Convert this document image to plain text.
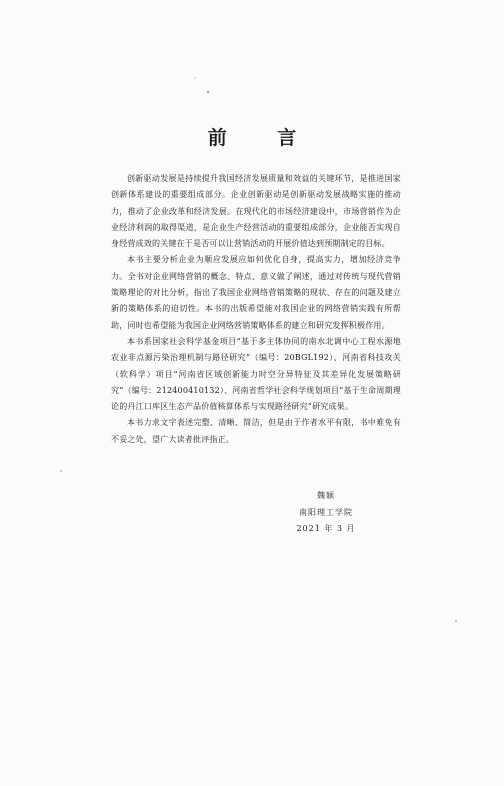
,
•
前 言

创新驱动发展是持续提升我国经济发展质量和效益的关键环节，是推进国家创新体系建设的重要组成部分。企业创新驱动是创新驱动发展战略实施的推动力，推动了企业改革和经济发展。在现代化的市场经济建设中，市场营销作为企业经济利润的取得渠道，是企业生产经营活动的重要组成部分，企业能否实现自身经营成效的关键在于是否可以让营销活动的开展价值达到预期制定的目标。

本书主要分析企业为顺应发展应如何优化自身，提高实力，增加经济竞争力。全书对企业网络营销的概念、特点、意义做了阐述，通过对传统与现代营销策略理论的对比分析，指出了我国企业网络营销策略的现状、存在的问题及建立新的策略体系的迫切性。本书的出版希望能对我国企业的网络营销实践有所帮助，同时也希望能为我国企业网络营销策略体系的建立和研究发挥积极作用。

本书系国家社会科学基金项目“基于多主体协同的南水北调中心工程水源地农业非点源污染治理机制与路径研究”（编号：20BGL192）、河南省科技攻关（软科学）项目“河南省区域创新能力时空分异特征及其差异化发展策略研究”（编号：212400410132）、河南省哲学社会科学规划项目“基于生命周期理论的丹江口库区生态产品价值核算体系与实现路径研究”研究成果。

本书力求文字表述完整、清晰、简洁，但是由于作者水平有限，书中难免有不妥之处，望广大读者批评指正。

魏颖
南阳理工学院
2021 年 3 月
